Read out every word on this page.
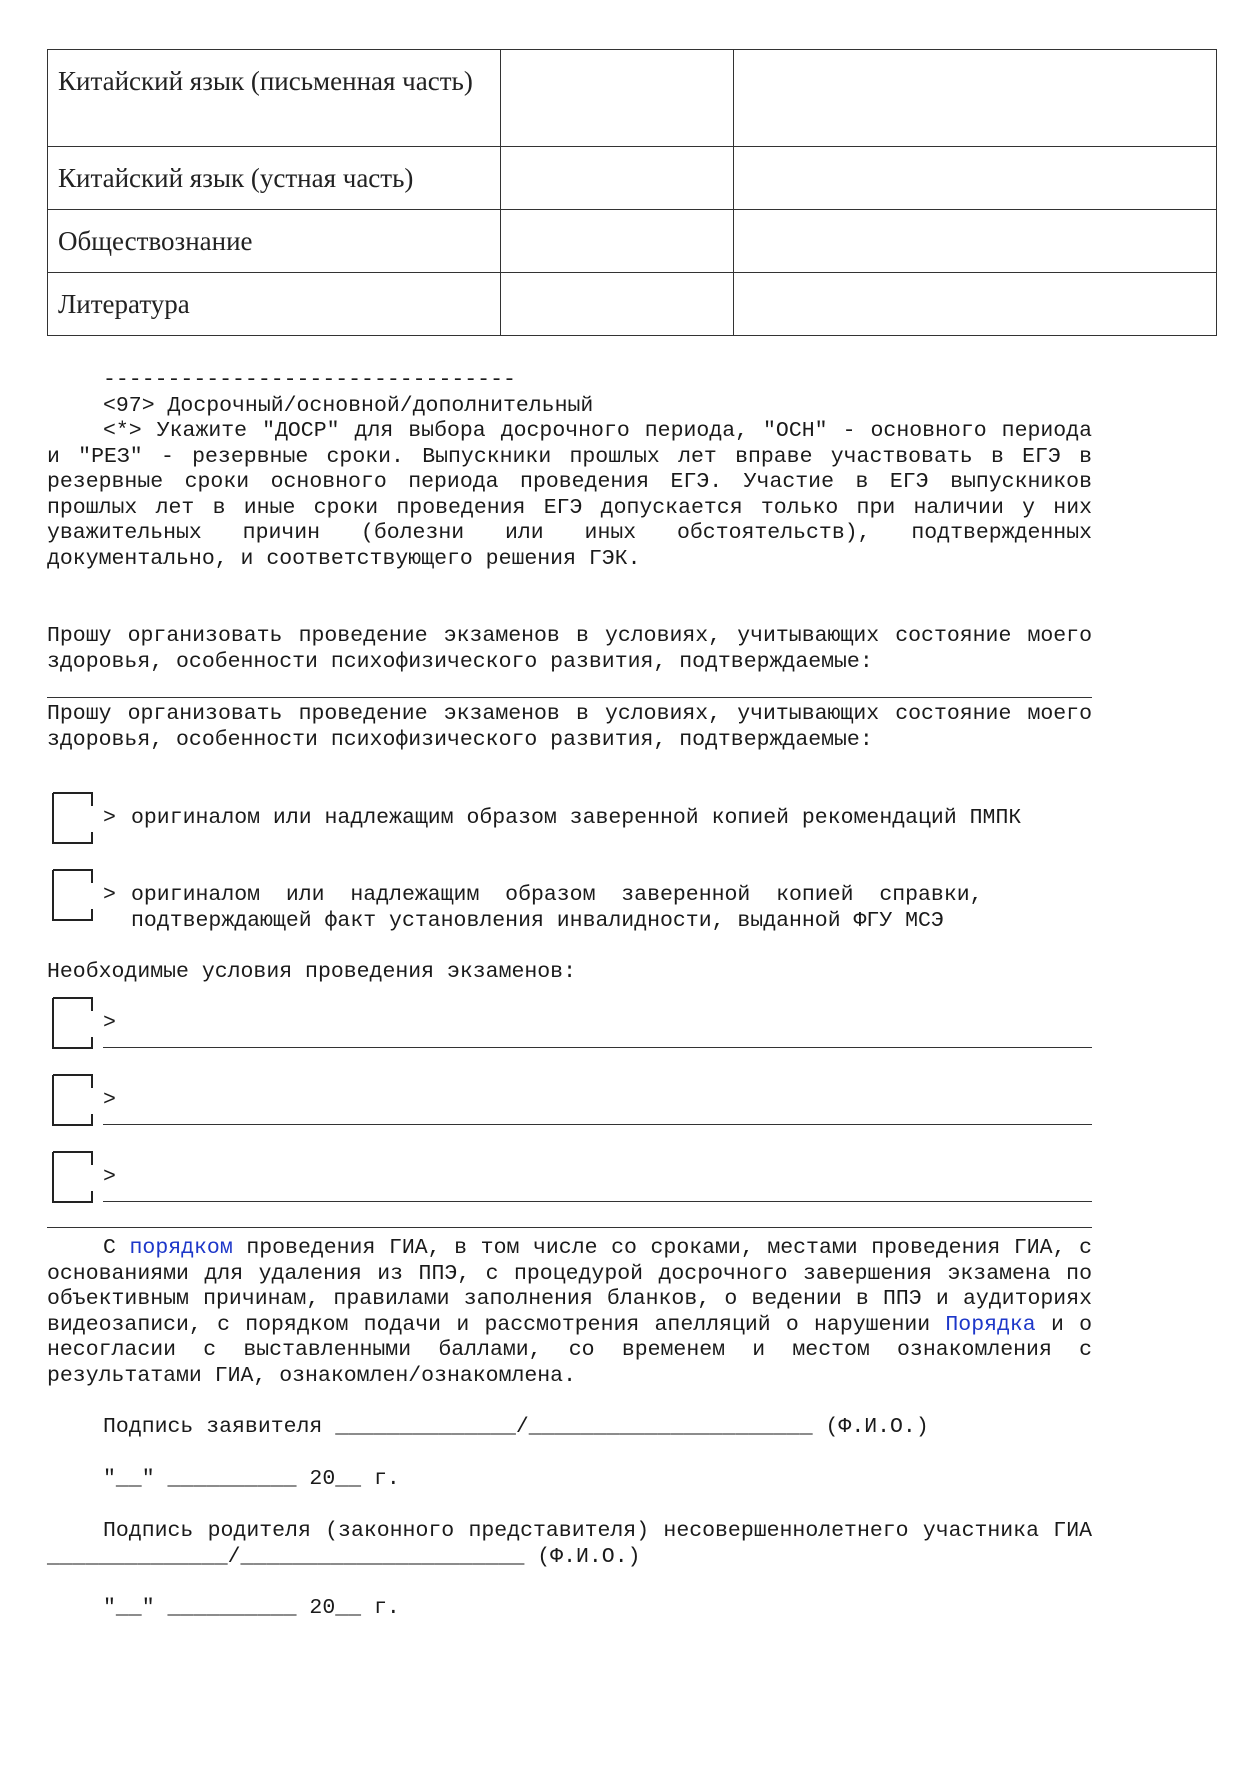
Китайский язык (письменная часть)		
Китайский язык (устная часть)		
Обществознание		
Литература		
--------------------------------
<97> Досрочный/основной/дополнительный
<*> Укажите "ДОСР" для выбора досрочного периода, "ОСН" - основного периода и "РЕЗ" - резервные сроки. Выпускники прошлых лет вправе участвовать в ЕГЭ в резервные сроки основного периода проведения ЕГЭ. Участие в ЕГЭ выпускников прошлых лет в иные сроки проведения ЕГЭ допускается только при наличии у них уважительных причин (болезни или иных обстоятельств), подтвержденных документально, и соответствующего решения ГЭК.
Прошу организовать проведение экзаменов в условиях, учитывающих состояние моего здоровья, особенности психофизического развития, подтверждаемые:
Прошу организовать проведение экзаменов в условиях, учитывающих состояние моего здоровья, особенности психофизического развития, подтверждаемые:
> оригиналом или надлежащим образом заверенной копией рекомендаций ПМПК
> оригиналом  или  надлежащим  образом  заверенной  копией  справки,
подтверждающей факт установления инвалидности, выданной ФГУ МСЭ
Необходимые условия проведения экзаменов:
>
>
>
С порядком проведения ГИА, в том числе со сроками, местами проведения ГИА, с основаниями для удаления из ППЭ, с процедурой досрочного завершения экзамена по объективным причинам, правилами заполнения бланков, о ведении в ППЭ и аудиториях видеозаписи, с порядком подачи и рассмотрения апелляций о нарушении Порядка и о несогласии с выставленными баллами, со временем и местом ознакомления с результатами ГИА, ознакомлен/ознакомлена.
Подпись заявителя ______________/______________________ (Ф.И.О.)
"__" __________ 20__ г.
Подпись родителя (законного представителя) несовершеннолетнего участника ГИА ______________/______________________ (Ф.И.О.)
"__" __________ 20__ г.
